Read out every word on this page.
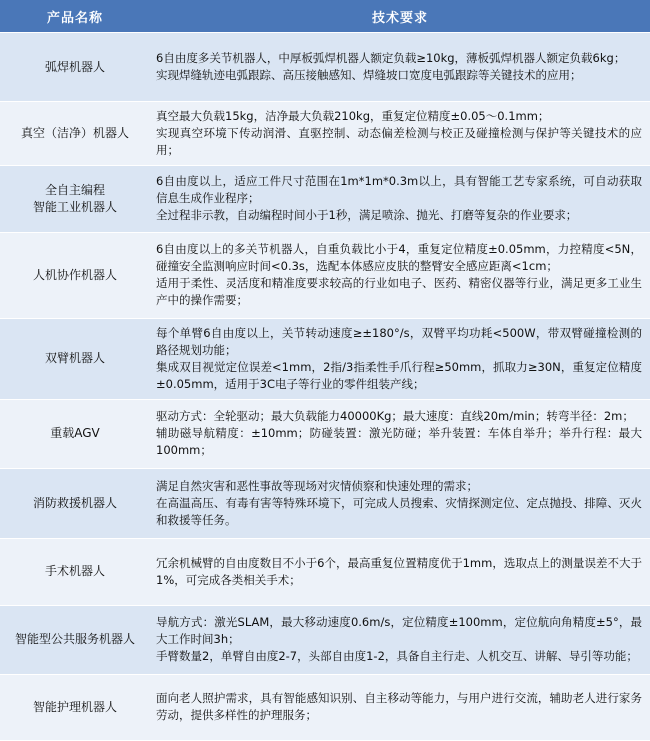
产品名称	技术要求

弧焊机器人	6自由度多关节机器人，中厚板弧焊机器人额定负载≥10kg，薄板弧焊机器人额定负载6kg；
实现焊缝轨迹电弧跟踪、高压接触感知、焊缝坡口宽度电弧跟踪等关键技术的应用；

真空（洁净）机器人	真空最大负载15kg，洁净最大负载210kg，重复定位精度±0.05～0.1mm；
实现真空环境下传动润滑、直驱控制、动态偏差检测与校正及碰撞检测与保护等关键技术的应用；

全自主编程
智能工业机器人	6自由度以上，适应工件尺寸范围在1m*1m*0.3m以上，具有智能工艺专家系统，可自动获取信息生成作业程序；
全过程非示教，自动编程时间小于1秒，满足喷涂、抛光、打磨等复杂的作业要求；

人机协作机器人	6自由度以上的多关节机器人，自重负载比小于4，重复定位精度±0.05mm，力控精度<5N，碰撞安全监测响应时间<0.3s，选配本体感应皮肤的整臂安全感应距离<1cm；
适用于柔性、灵活度和精准度要求较高的行业如电子、医药、精密仪器等行业，满足更多工业生产中的操作需要；

双臂机器人	每个单臂6自由度以上，关节转动速度≥±180°/s，双臂平均功耗<500W，带双臂碰撞检测的路径规划功能；
集成双目视觉定位误差<1mm，2指/3指柔性手爪行程≥50mm，抓取力≥30N，重复定位精度±0.05mm，适用于3C电子等行业的零件组装产线；

重载AGV	驱动方式：全轮驱动；最大负载能力40000Kg；最大速度：直线20m/min；转弯半径：2m；
辅助磁导航精度：±10mm；防碰装置：激光防碰；举升装置：车体自举升；举升行程：最大100mm；

消防救援机器人	满足自然灾害和恶性事故等现场对灾情侦察和快速处理的需求；
在高温高压、有毒有害等特殊环境下，可完成人员搜索、灾情探测定位、定点抛投、排障、灭火和救援等任务。

手术机器人	冗余机械臂的自由度数目不小于6个，最高重复位置精度优于1mm，选取点上的测量误差不大于1%，可完成各类相关手术；

智能型公共服务机器人	导航方式：激光SLAM，最大移动速度0.6m/s，定位精度±100mm，定位航向角精度±5°，最大工作时间3h；
手臂数量2，单臂自由度2-7，头部自由度1-2，具备自主行走、人机交互、讲解、导引等功能；

智能护理机器人	面向老人照护需求，具有智能感知识别、自主移动等能力，与用户进行交流，辅助老人进行家务劳动，提供多样性的护理服务；
